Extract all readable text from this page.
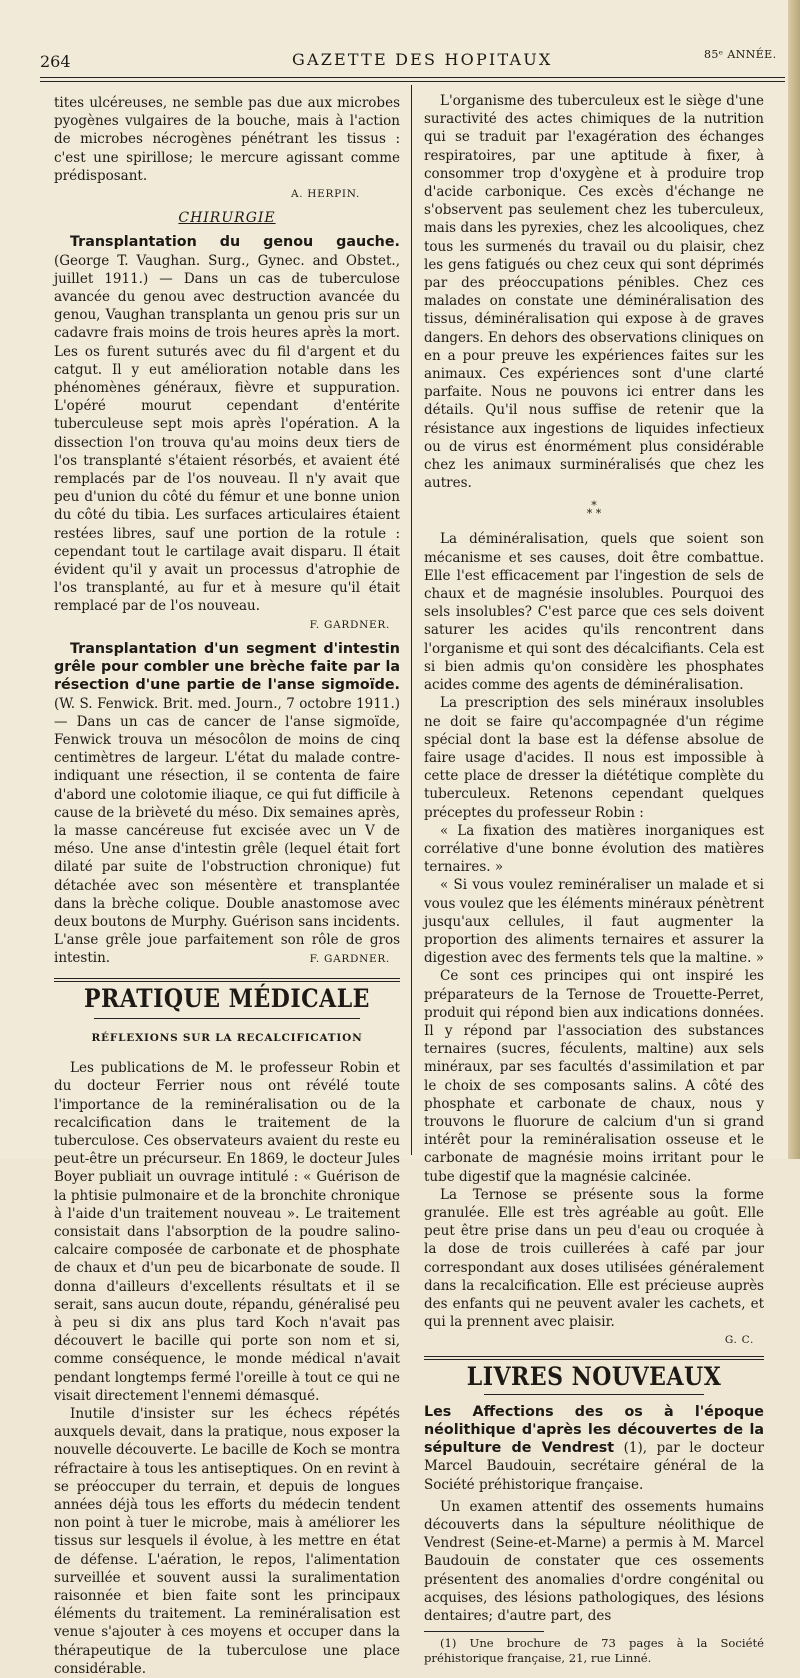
264	GAZETTE DES HOPITAUX	85ᵉ ANNÉE.

tites ulcéreuses, ne semble pas due aux microbes pyogènes vulgaires de la bouche, mais à l'action de microbes nécrogènes pénétrant les tissus : c'est une spirillose; le mercure agissant comme prédisposant.

A. HERPIN.

CHIRURGIE

Transplantation du genou gauche. (George T. Vaughan. Surg., Gynec. and Obstet., juillet 1911.) — Dans un cas de tuberculose avancée du genou avec destruction avancée du genou, Vaughan transplanta un genou pris sur un cadavre frais moins de trois heures après la mort. Les os furent suturés avec du fil d'argent et du catgut. Il y eut amélioration notable dans les phénomènes généraux, fièvre et suppuration. L'opéré mourut cependant d'entérite tuberculeuse sept mois après l'opération. A la dissection l'on trouva qu'au moins deux tiers de l'os transplanté s'étaient résorbés, et avaient été remplacés par de l'os nouveau. Il n'y avait que peu d'union du côté du fémur et une bonne union du côté du tibia. Les surfaces articulaires étaient restées libres, sauf une portion de la rotule : cependant tout le cartilage avait disparu. Il était évident qu'il y avait un processus d'atrophie de l'os transplanté, au fur et à mesure qu'il était remplacé par de l'os nouveau.

F. GARDNER.

Transplantation d'un segment d'intestin grêle pour combler une brèche faite par la résection d'une partie de l'anse sigmoïde. (W. S. Fenwick. Brit. med. Journ., 7 octobre 1911.) — Dans un cas de cancer de l'anse sigmoïde, Fenwick trouva un mésocôlon de moins de cinq centimètres de largeur. L'état du malade contre-indiquant une résection, il se contenta de faire d'abord une colotomie iliaque, ce qui fut difficile à cause de la brièveté du méso. Dix semaines après, la masse cancéreuse fut excisée avec un V de méso. Une anse d'intestin grêle (lequel était fort dilaté par suite de l'obstruction chronique) fut détachée avec son mésentère et transplantée dans la brèche colique. Double anastomose avec deux boutons de Murphy. Guérison sans incidents. L'anse grêle joue parfaitement son rôle de gros intestin.	F. GARDNER.

PRATIQUE MÉDICALE
RÉFLEXIONS SUR LA RECALCIFICATION

Les publications de M. le professeur Robin et du docteur Ferrier nous ont révélé toute l'importance de la reminéralisation ou de la recalcification dans le traitement de la tuberculose. Ces observateurs avaient du reste eu peut-être un précurseur. En 1869, le docteur Jules Boyer publiait un ouvrage intitulé : « Guérison de la phtisie pulmonaire et de la bronchite chronique à l'aide d'un traitement nouveau ». Le traitement consistait dans l'absorption de la poudre salino-calcaire composée de carbonate et de phosphate de chaux et d'un peu de bicarbonate de soude. Il donna d'ailleurs d'excellents résultats et il se serait, sans aucun doute, répandu, généralisé peu à peu si dix ans plus tard Koch n'avait pas découvert le bacille qui porte son nom et si, comme conséquence, le monde médical n'avait pendant longtemps fermé l'oreille à tout ce qui ne visait directement l'ennemi démasqué.

Inutile d'insister sur les échecs répétés auxquels devait, dans la pratique, nous exposer la nouvelle découverte. Le bacille de Koch se montra réfractaire à tous les antiseptiques. On en revint à se préoccuper du terrain, et depuis de longues années déjà tous les efforts du médecin tendent non point à tuer le microbe, mais à améliorer les tissus sur lesquels il évolue, à les mettre en état de défense. L'aération, le repos, l'alimentation surveillée et souvent aussi la suralimentation raisonnée et bien faite sont les principaux éléments du traitement. La reminéralisation est venue s'ajouter à ces moyens et occuper dans la thérapeutique de la tuberculose une place considérable.

L'organisme des tuberculeux est le siège d'une suractivité des actes chimiques de la nutrition qui se traduit par l'exagération des échanges respiratoires, par une aptitude à fixer, à consommer trop d'oxygène et à produire trop d'acide carbonique. Ces excès d'échange ne s'observent pas seulement chez les tuberculeux, mais dans les pyrexies, chez les alcooliques, chez tous les surmenés du travail ou du plaisir, chez les gens fatigués ou chez ceux qui sont déprimés par des préoccupations pénibles. Chez ces malades on constate une déminéralisation des tissus, déminéralisation qui expose à de graves dangers. En dehors des observations cliniques on en a pour preuve les expériences faites sur les animaux. Ces expériences sont d'une clarté parfaite. Nous ne pouvons ici entrer dans les détails. Qu'il nous suffise de retenir que la résistance aux ingestions de liquides infectieux ou de virus est énormément plus considérable chez les animaux surminéralisés que chez les autres.

*
* *

La déminéralisation, quels que soient son mécanisme et ses causes, doit être combattue. Elle l'est efficacement par l'ingestion de sels de chaux et de magnésie insolubles. Pourquoi des sels insolubles? C'est parce que ces sels doivent saturer les acides qu'ils rencontrent dans l'organisme et qui sont des décalcifiants. Cela est si bien admis qu'on considère les phosphates acides comme des agents de déminéralisation.

La prescription des sels minéraux insolubles ne doit se faire qu'accompagnée d'un régime spécial dont la base est la défense absolue de faire usage d'acides. Il nous est impossible à cette place de dresser la diététique complète du tuberculeux. Retenons cependant quelques préceptes du professeur Robin :

« La fixation des matières inorganiques est corrélative d'une bonne évolution des matières ternaires. »

« Si vous voulez reminéraliser un malade et si vous voulez que les éléments minéraux pénètrent jusqu'aux cellules, il faut augmenter la proportion des aliments ternaires et assurer la digestion avec des ferments tels que la maltine. »

Ce sont ces principes qui ont inspiré les préparateurs de la Ternose de Trouette-Perret, produit qui répond bien aux indications données. Il y répond par l'association des substances ternaires (sucres, féculents, maltine) aux sels minéraux, par ses facultés d'assimilation et par le choix de ses composants salins. A côté des phosphate et carbonate de chaux, nous y trouvons le fluorure de calcium d'un si grand intérêt pour la reminéralisation osseuse et le carbonate de magnésie moins irritant pour le tube digestif que la magnésie calcinée.

La Ternose se présente sous la forme granulée. Elle est très agréable au goût. Elle peut être prise dans un peu d'eau ou croquée à la dose de trois cuillerées à café par jour correspondant aux doses utilisées généralement dans la recalcification. Elle est précieuse auprès des enfants qui ne peuvent avaler les cachets, et qui la prennent avec plaisir.

G. C.

LIVRES NOUVEAUX

Les Affections des os à l'époque néolithique d'après les découvertes de la sépulture de Vendrest (1), par le docteur Marcel Baudouin, secrétaire général de la Société préhistorique française.

Un examen attentif des ossements humains découverts dans la sépulture néolithique de Vendrest (Seine-et-Marne) a permis à M. Marcel Baudouin de constater que ces ossements présentent des anomalies d'ordre congénital ou acquises, des lésions pathologiques, des lésions dentaires; d'autre part, des

(1) Une brochure de 73 pages à la Société préhistorique française, 21, rue Linné.
